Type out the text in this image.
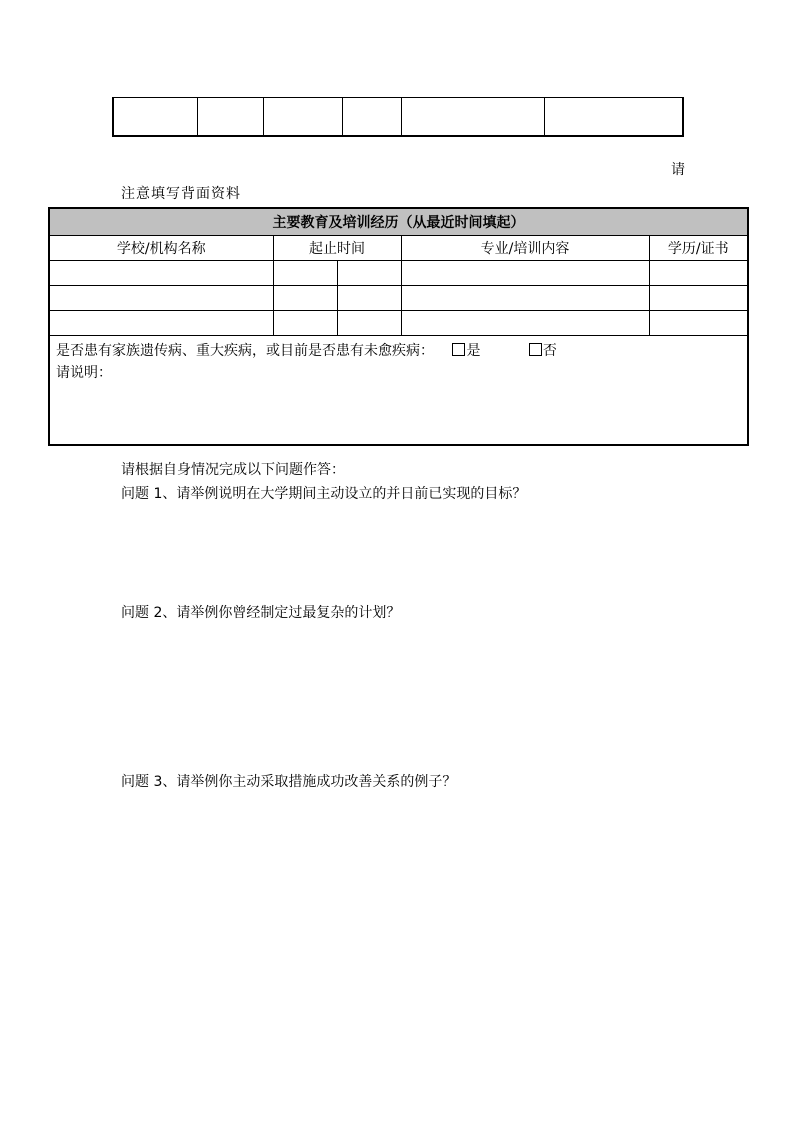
请
注意填写背面资料
主要教育及培训经历（从最近时间填起）				
学校/机构名称	起止时间		专业/培训内容	学历/证书

是否患有家族遗传病、重大疾病，或目前是否患有未愈疾病： 是 否
请说明：				
请根据自身情况完成以下问题作答：
问题 1、请举例说明在大学期间主动设立的并日前已实现的目标？
问题 2、请举例你曾经制定过最复杂的计划？
问题 3、请举例你主动采取措施成功改善关系的例子？
